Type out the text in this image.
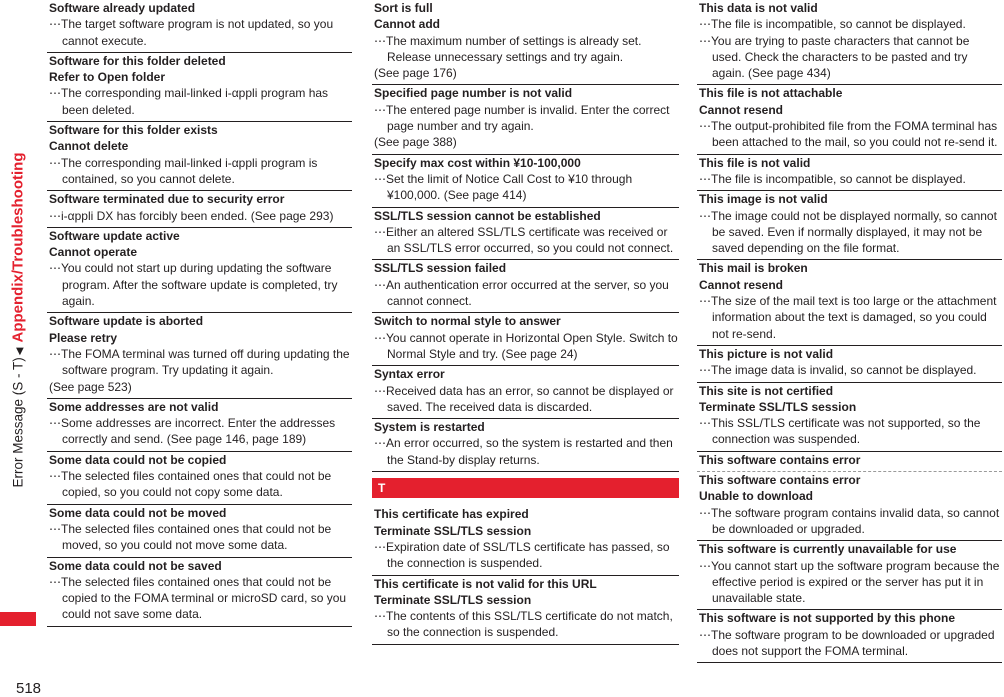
Error Message (S - T)◀Appendix/Troubleshooting
518
Software already updated
⋯The target software program is not updated, so you cannot execute.
Software for this folder deleted
Refer to Open folder
⋯The corresponding mail-linked i-αppli program has been deleted.
Software for this folder exists
Cannot delete
⋯The corresponding mail-linked i-αppli program is contained, so you cannot delete.
Software terminated due to security error
⋯i-αppli DX has forcibly been ended. (See page 293)
Software update active
Cannot operate
⋯You could not start up during updating the software program. After the software update is completed, try again.
Software update is aborted
Please retry
⋯The FOMA terminal was turned off during updating the software program. Try updating it again.
(See page 523)
Some addresses are not valid
⋯Some addresses are incorrect. Enter the addresses correctly and send. (See page 146, page 189)
Some data could not be copied
⋯The selected files contained ones that could not be copied, so you could not copy some data.
Some data could not be moved
⋯The selected files contained ones that could not be moved, so you could not move some data.
Some data could not be saved
⋯The selected files contained ones that could not be copied to the FOMA terminal or microSD card, so you could not save some data.
Sort is full
Cannot add
⋯The maximum number of settings is already set. Release unnecessary settings and try again.
(See page 176)
Specified page number is not valid
⋯The entered page number is invalid. Enter the correct page number and try again.
(See page 388)
Specify max cost within ¥10-100,000
⋯Set the limit of Notice Call Cost to ¥10 through ¥100,000. (See page 414)
SSL/TLS session cannot be established
⋯Either an altered SSL/TLS certificate was received or an SSL/TLS error occurred, so you could not connect.
SSL/TLS session failed
⋯An authentication error occurred at the server, so you cannot connect.
Switch to normal style to answer
⋯You cannot operate in Horizontal Open Style. Switch to Normal Style and try. (See page 24)
Syntax error
⋯Received data has an error, so cannot be displayed or saved. The received data is discarded.
System is restarted
⋯An error occurred, so the system is restarted and then the Stand-by display returns.
T
This certificate has expired
Terminate SSL/TLS session
⋯Expiration date of SSL/TLS certificate has passed, so the connection is suspended.
This certificate is not valid for this URL
Terminate SSL/TLS session
⋯The contents of this SSL/TLS certificate do not match, so the connection is suspended.
This data is not valid
⋯The file is incompatible, so cannot be displayed.
⋯You are trying to paste characters that cannot be used. Check the characters to be pasted and try again. (See page 434)
This file is not attachable
Cannot resend
⋯The output-prohibited file from the FOMA terminal has been attached to the mail, so you could not re-send it.
This file is not valid
⋯The file is incompatible, so cannot be displayed.
This image is not valid
⋯The image could not be displayed normally, so cannot be saved. Even if normally displayed, it may not be saved depending on the file format.
This mail is broken
Cannot resend
⋯The size of the mail text is too large or the attachment information about the text is damaged, so you could not re-send.
This picture is not valid
⋯The image data is invalid, so cannot be displayed.
This site is not certified
Terminate SSL/TLS session
⋯This SSL/TLS certificate was not supported, so the connection was suspended.
This software contains error
This software contains error
Unable to download
⋯The software program contains invalid data, so cannot be downloaded or upgraded.
This software is currently unavailable for use
⋯You cannot start up the software program because the effective period is expired or the server has put it in unavailable state.
This software is not supported by this phone
⋯The software program to be downloaded or upgraded does not support the FOMA terminal.
